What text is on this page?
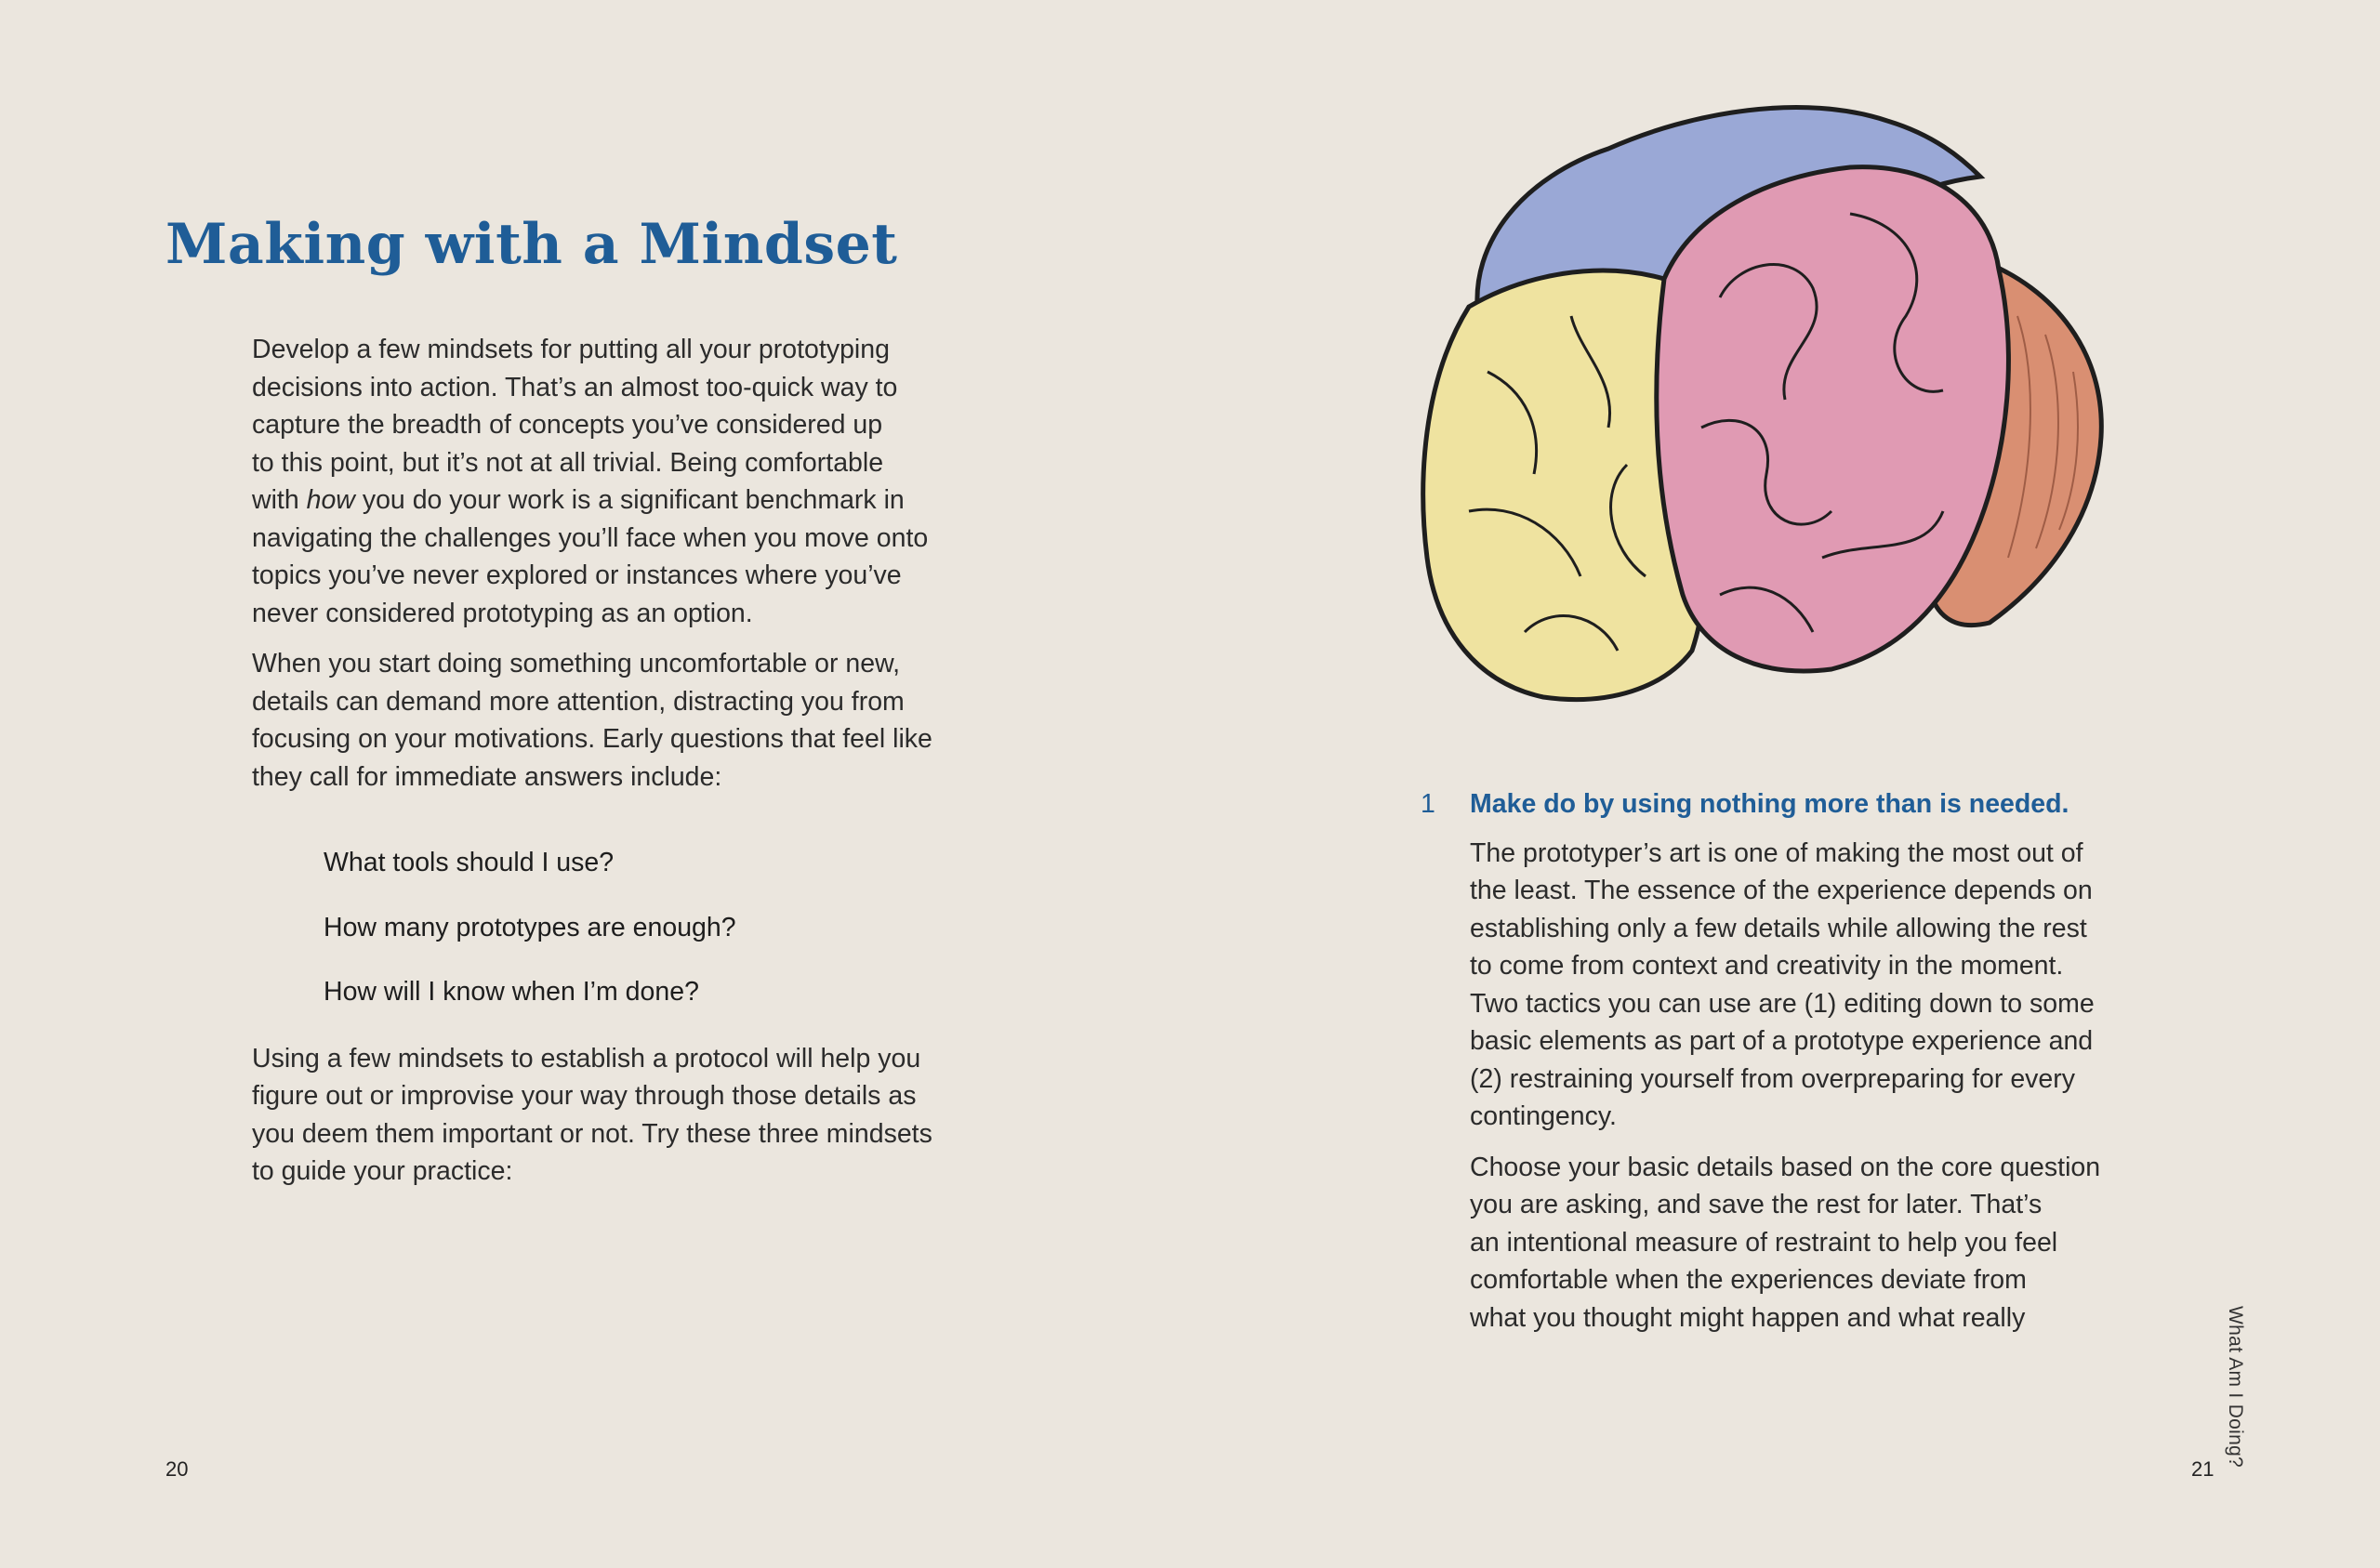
Making with a Mindset

Develop a few mindsets for putting all your prototyping
decisions into action. That’s an almost too-quick way to
capture the breadth of concepts you’ve considered up
to this point, but it’s not at all trivial. Being comfortable
with how you do your work is a significant benchmark in
navigating the challenges you’ll face when you move onto
topics you’ve never explored or instances where you’ve
never considered prototyping as an option.

When you start doing something uncomfortable or new,
details can demand more attention, distracting you from
focusing on your motivations. Early questions that feel like
they call for immediate answers include:

What tools should I use?
How many prototypes are enough?
How will I know when I’m done?

Using a few mindsets to establish a protocol will help you
figure out or improvise your way through those details as
you deem them important or not. Try these three mindsets
to guide your practice:

20
1 Make do by using nothing more than is needed.

The prototyper’s art is one of making the most out of
the least. The essence of the experience depends on
establishing only a few details while allowing the rest
to come from context and creativity in the moment.
Two tactics you can use are (1) editing down to some
basic elements as part of a prototype experience and
(2) restraining yourself from overpreparing for every
contingency.

Choose your basic details based on the core question
you are asking, and save the rest for later. That’s
an intentional measure of restraint to help you feel
comfortable when the experiences deviate from
what you thought might happen and what really	What Am I Doing?
21
